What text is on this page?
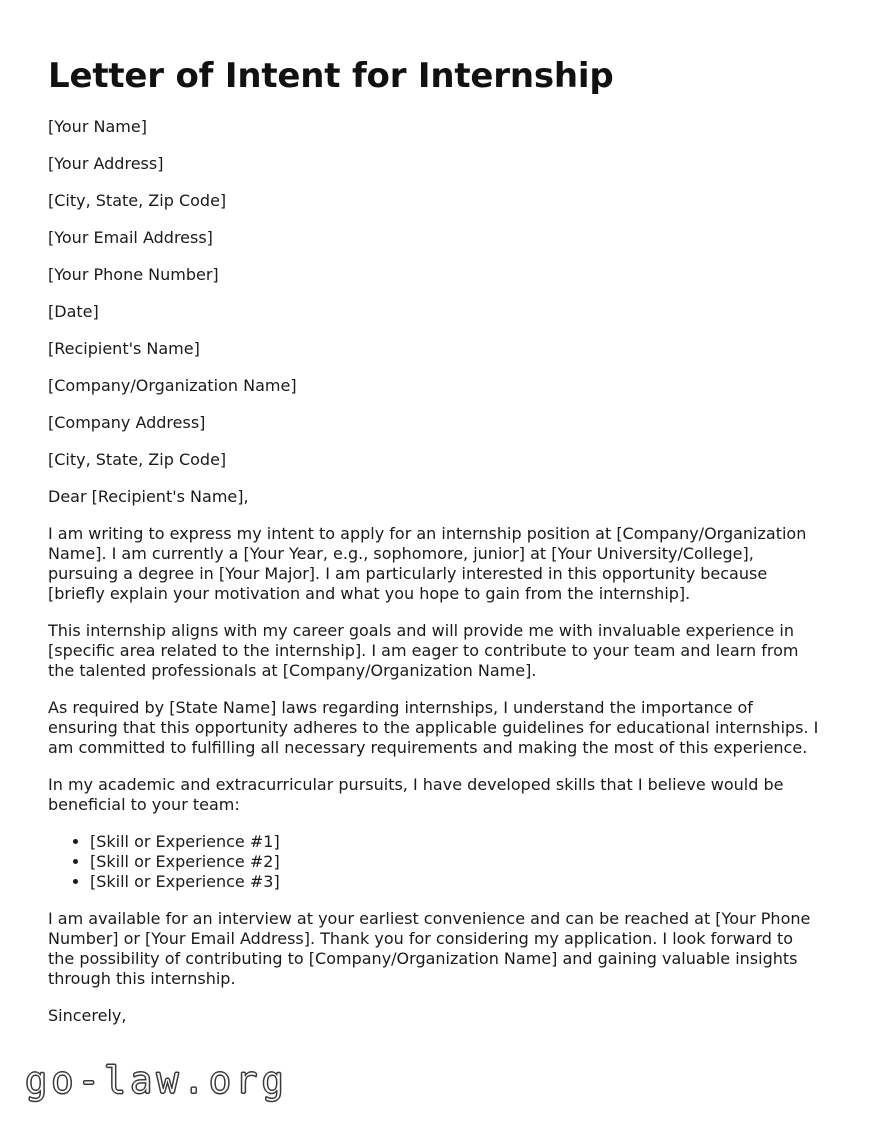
Letter of Intent for Internship

[Your Name]

[Your Address]

[City, State, Zip Code]

[Your Email Address]

[Your Phone Number]

[Date]

[Recipient's Name]

[Company/Organization Name]

[Company Address]

[City, State, Zip Code]

Dear [Recipient's Name],

I am writing to express my intent to apply for an internship position at [Company/Organization Name]. I am currently a [Your Year, e.g., sophomore, junior] at [Your University/College], pursuing a degree in [Your Major]. I am particularly interested in this opportunity because [briefly explain your motivation and what you hope to gain from the internship].

This internship aligns with my career goals and will provide me with invaluable experience in [specific area related to the internship]. I am eager to contribute to your team and learn from the talented professionals at [Company/Organization Name].

As required by [State Name] laws regarding internships, I understand the importance of ensuring that this opportunity adheres to the applicable guidelines for educational internships. I am committed to fulfilling all necessary requirements and making the most of this experience.

In my academic and extracurricular pursuits, I have developed skills that I believe would be beneficial to your team:

• [Skill or Experience #1]
• [Skill or Experience #2]
• [Skill or Experience #3]

I am available for an interview at your earliest convenience and can be reached at [Your Phone Number] or [Your Email Address]. Thank you for considering my application. I look forward to the possibility of contributing to [Company/Organization Name] and gaining valuable insights through this internship.

Sincerely,

go-law.org
